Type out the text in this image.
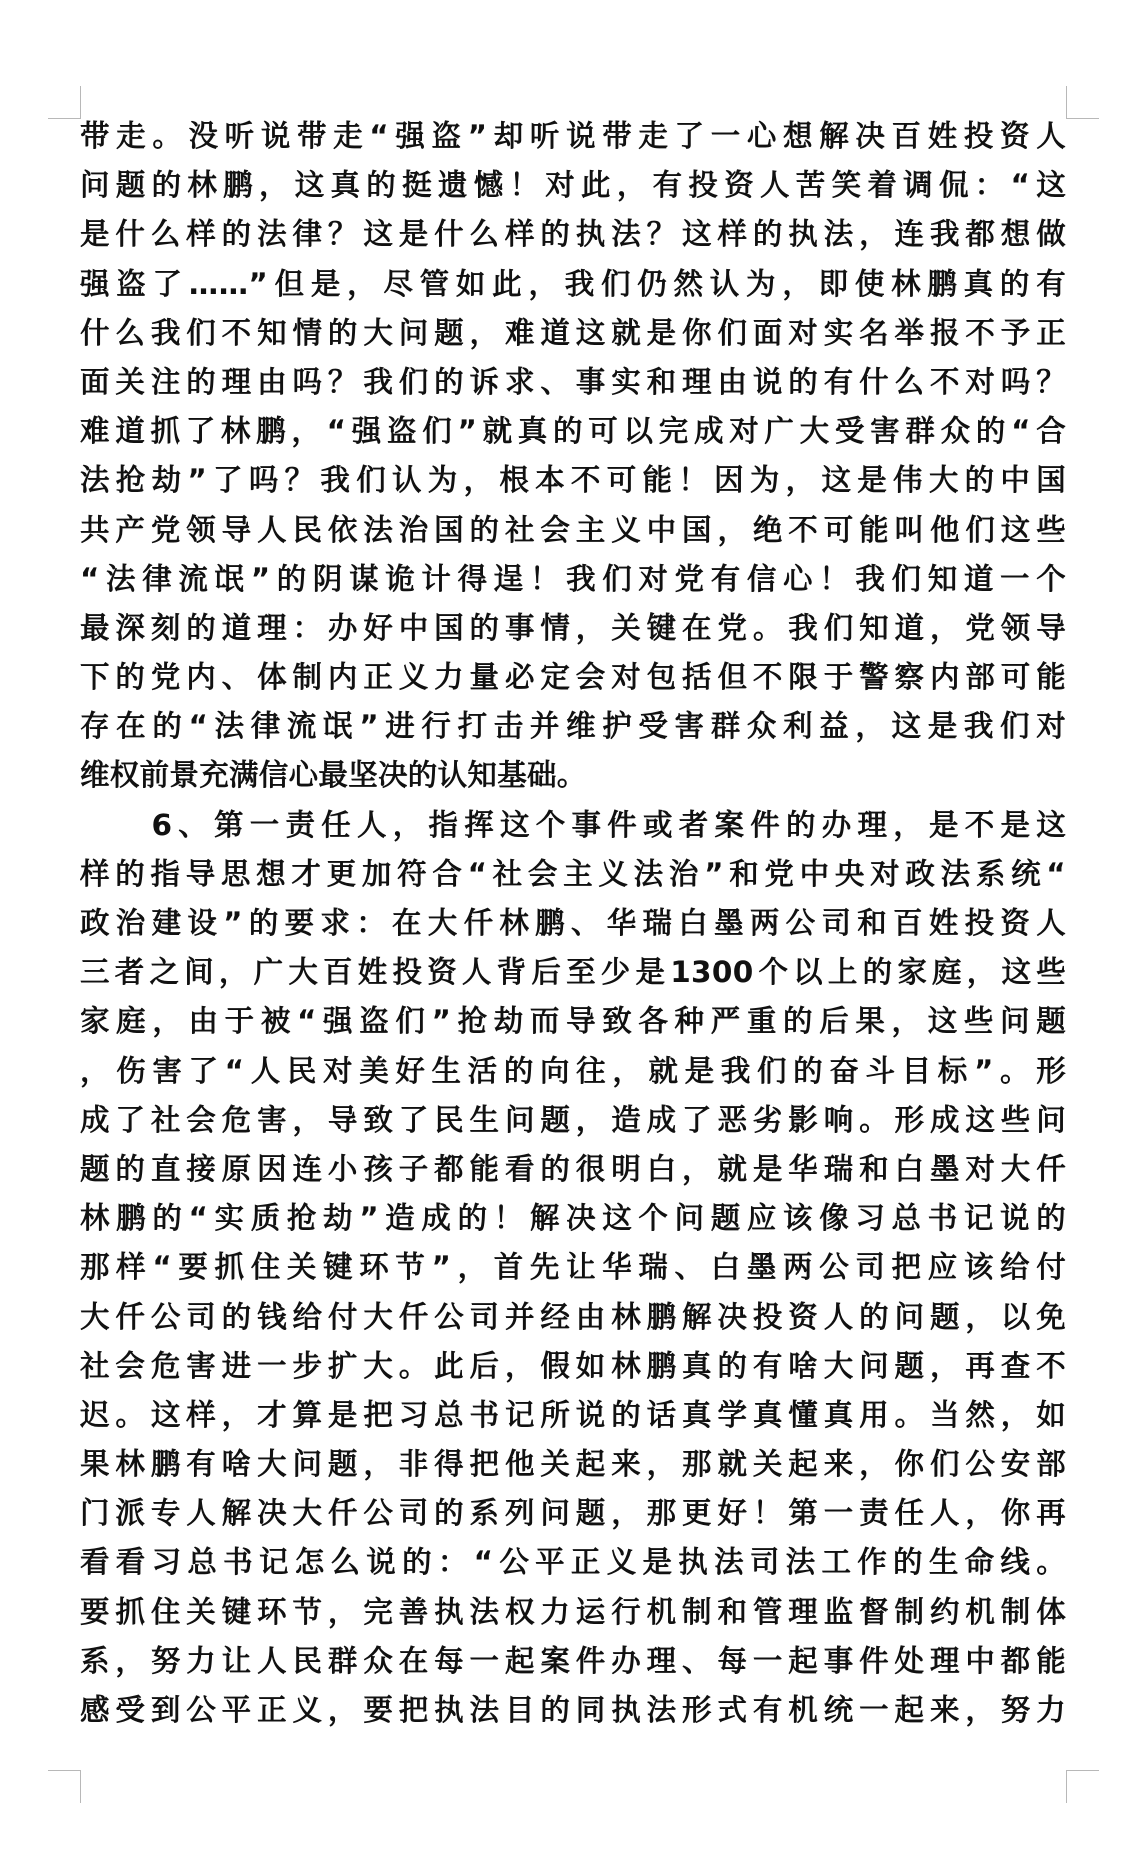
带走。没听说带走“强盗”却听说带走了一心想解决百姓投资人
问题的林鹏，这真的挺遗憾！对此，有投资人苦笑着调侃：“这
是什么样的法律？这是什么样的执法？这样的执法，连我都想做
强盗了……”但是，尽管如此，我们仍然认为，即使林鹏真的有
什么我们不知情的大问题，难道这就是你们面对实名举报不予正
面关注的理由吗？我们的诉求、事实和理由说的有什么不对吗？
难道抓了林鹏，“强盗们”就真的可以完成对广大受害群众的“合
法抢劫”了吗？我们认为，根本不可能！因为，这是伟大的中国
共产党领导人民依法治国的社会主义中国，绝不可能叫他们这些
“法律流氓”的阴谋诡计得逞！我们对党有信心！我们知道一个
最深刻的道理：办好中国的事情，关键在党。我们知道，党领导
下的党内、体制内正义力量必定会对包括但不限于警察内部可能
存在的“法律流氓”进行打击并维护受害群众利益，这是我们对
维权前景充满信心最坚决的认知基础。
　　6、第一责任人，指挥这个事件或者案件的办理，是不是这
样的指导思想才更加符合“社会主义法治”和党中央对政法系统“
政治建设”的要求：在大仟林鹏、华瑞白墨两公司和百姓投资人
三者之间，广大百姓投资人背后至少是1300个以上的家庭，这些
家庭，由于被“强盗们”抢劫而导致各种严重的后果，这些问题
，伤害了“人民对美好生活的向往，就是我们的奋斗目标”。形
成了社会危害，导致了民生问题，造成了恶劣影响。形成这些问
题的直接原因连小孩子都能看的很明白，就是华瑞和白墨对大仟
林鹏的“实质抢劫”造成的！解决这个问题应该像习总书记说的
那样“要抓住关键环节”，首先让华瑞、白墨两公司把应该给付
大仟公司的钱给付大仟公司并经由林鹏解决投资人的问题，以免
社会危害进一步扩大。此后，假如林鹏真的有啥大问题，再查不
迟。这样，才算是把习总书记所说的话真学真懂真用。当然，如
果林鹏有啥大问题，非得把他关起来，那就关起来，你们公安部
门派专人解决大仟公司的系列问题，那更好！第一责任人，你再
看看习总书记怎么说的：“公平正义是执法司法工作的生命线。
要抓住关键环节，完善执法权力运行机制和管理监督制约机制体
系，努力让人民群众在每一起案件办理、每一起事件处理中都能
感受到公平正义，要把执法目的同执法形式有机统一起来，努力
